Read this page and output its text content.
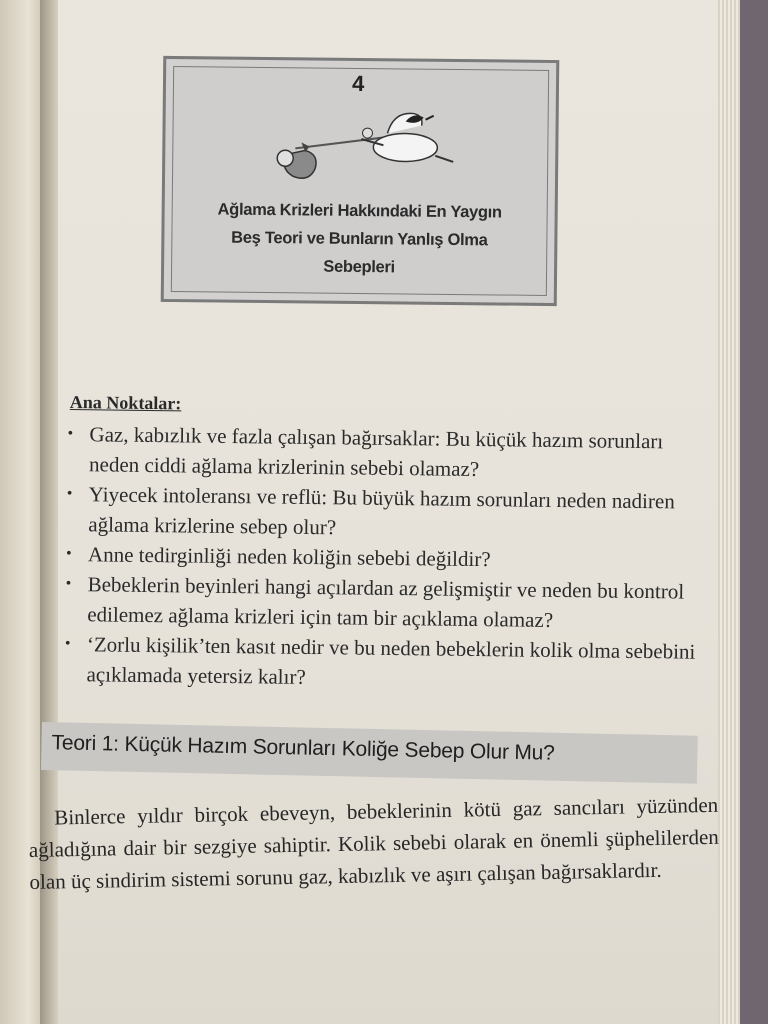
4
Ağlama Krizleri Hakkındaki En Yaygın
Beş Teori ve Bunların Yanlış Olma
Sebepleri
Ana Noktalar:
• Gaz, kabızlık ve fazla çalışan bağırsaklar: Bu küçük hazım sorunları neden ciddi ağlama krizlerinin sebebi olamaz?
• Yiyecek intoleransı ve reflü: Bu büyük hazım sorunları neden nadiren ağlama krizlerine sebep olur?
• Anne tedirginliği neden koliğin sebebi değildir?
• Bebeklerin beyinleri hangi açılardan az gelişmiştir ve neden bu kontrol edilemez ağlama krizleri için tam bir açıklama olamaz?
• ‘Zorlu kişilik’ten kasıt nedir ve bu neden bebeklerin kolik olma sebebini açıklamada yetersiz kalır?
Teori 1: Küçük Hazım Sorunları Koliğe Sebep Olur Mu?

Binlerce yıldır birçok ebeveyn, bebeklerinin kötü gaz sancıları yüzünden ağladığına dair bir sezgiye sahiptir. Kolik sebebi olarak en önemli şüphelilerden olan üç sindirim sistemi sorunu gaz, kabızlık ve aşırı çalışan bağırsaklardır.
